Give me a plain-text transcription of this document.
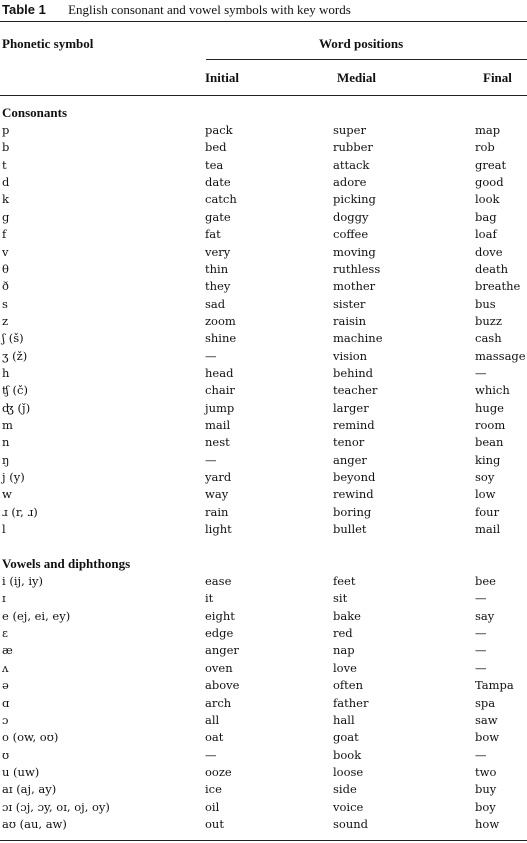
Table 1 English consonant and vowel symbols with key words
Phonetic symbol	Word positions
Initial	Medial	Final
Consonants
p	pack	super	map
b	bed	rubber	rob
t	tea	attack	great
d	date	adore	good
k	catch	picking	look
g	gate	doggy	bag
f	fat	coffee	loaf
v	very	moving	dove
θ	thin	ruthless	death
ð	they	mother	breathe
s	sad	sister	bus
z	zoom	raisin	buzz
ʃ (š)	shine	machine	cash
ʒ (ž)	—	vision	massage
h	head	behind	—
ʧ (č)	chair	teacher	which
ʤ (ǰ)	jump	larger	huge
m	mail	remind	room
n	nest	tenor	bean
ŋ	—	anger	king
j (y)	yard	beyond	soy
w	way	rewind	low
ɹ (r, ɹ)	rain	boring	four
l	light	bullet	mail
Vowels and diphthongs
i (ij, iy)	ease	feet	bee
ɪ	it	sit	—
e (ej, ei, ey)	eight	bake	say
ɛ	edge	red	—
æ	anger	nap	—
ʌ	oven	love	—
ə	above	often	Tampa
ɑ	arch	father	spa
ɔ	all	hall	saw
o (ow, oʊ)	oat	goat	bow
ʊ	—	book	—
u (uw)	ooze	loose	two
aɪ (aj, ay)	ice	side	buy
ɔɪ (ɔj, ɔy, oɪ, oj, oy)	oil	voice	boy
aʊ (au, aw)	out	sound	how
